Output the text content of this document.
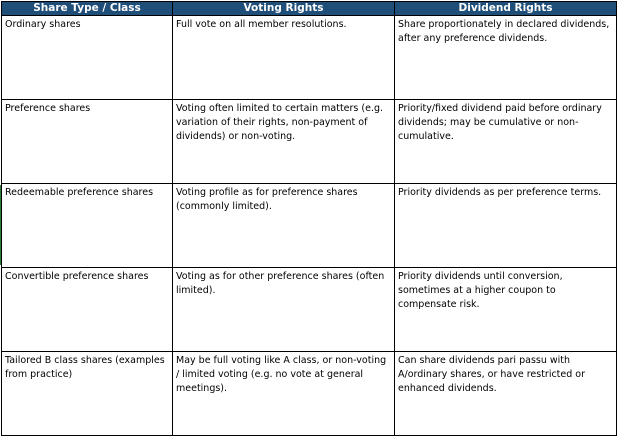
Share Type / Class	Voting Rights	Dividend Rights

Ordinary shares	Full vote on all member resolutions.	Share proportionately in declared dividends, after any preference dividends.

Preference shares	Voting often limited to certain matters (e.g. variation of their rights, non-payment of dividends) or non-voting.	Priority/fixed dividend paid before ordinary dividends; may be cumulative or non-cumulative.

Redeemable preference shares	Voting profile as for preference shares (commonly limited).	Priority dividends as per preference terms.

Convertible preference shares	Voting as for other preference shares (often limited).	Priority dividends until conversion, sometimes at a higher coupon to compensate risk.

Tailored B class shares (examples from practice)	May be full voting like A class, or non-voting / limited voting (e.g. no vote at general meetings).	Can share dividends pari passu with A/ordinary shares, or have restricted or enhanced dividends.
